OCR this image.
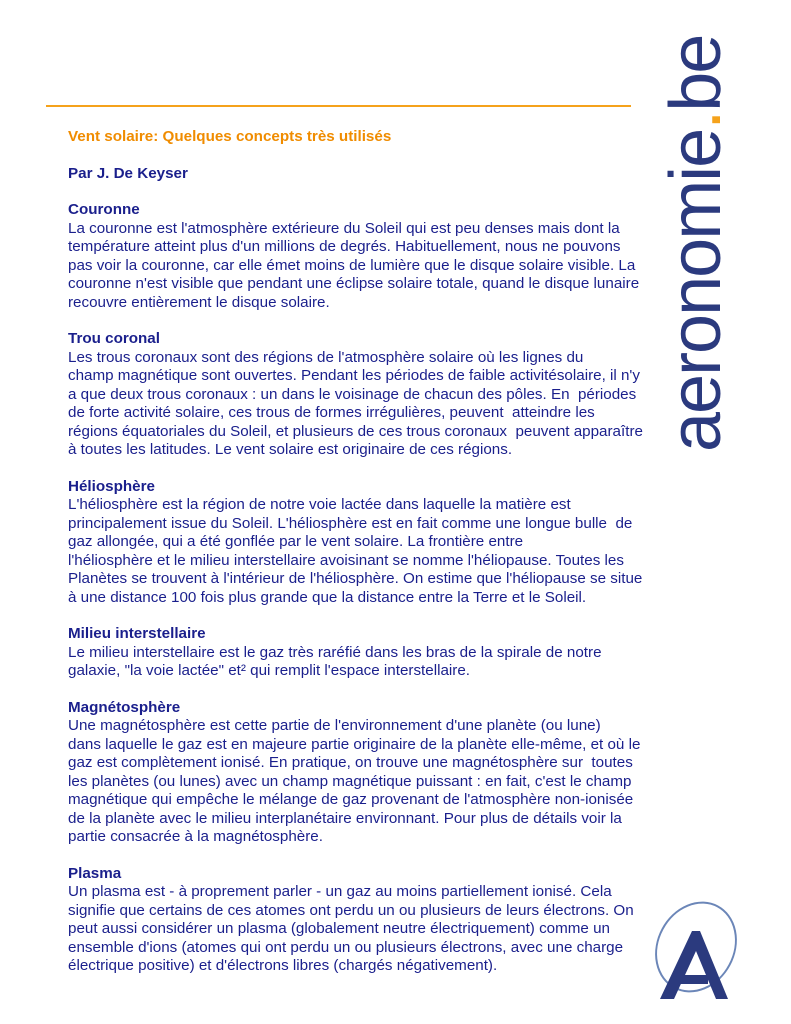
aeronomie.be
Vent solaire: Quelques concepts très utilisés
Par J. De Keyser
Couronne
La couronne est l'atmosphère extérieure du Soleil qui est peu denses mais dont la
température atteint plus d'un millions de degrés. Habituellement, nous ne pouvons
pas voir la couronne, car elle émet moins de lumière que le disque solaire visible. La
couronne n'est visible que pendant une éclipse solaire totale, quand le disque lunaire
recouvre entièrement le disque solaire.
Trou coronal
Les trous coronaux sont des régions de l'atmosphère solaire où les lignes du
champ magnétique sont ouvertes. Pendant les périodes de faible activitésolaire, il n'y
a que deux trous coronaux : un dans le voisinage de chacun des pôles. En  périodes
de forte activité solaire, ces trous de formes irrégulières, peuvent  atteindre les
régions équatoriales du Soleil, et plusieurs de ces trous coronaux  peuvent apparaître
à toutes les latitudes. Le vent solaire est originaire de ces régions.
Héliosphère
L'héliosphère est la région de notre voie lactée dans laquelle la matière est
principalement issue du Soleil. L'héliosphère est en fait comme une longue bulle  de
gaz allongée, qui a été gonflée par le vent solaire. La frontière entre
l'héliosphère et le milieu interstellaire avoisinant se nomme l'héliopause. Toutes les
Planètes se trouvent à l'intérieur de l'héliosphère. On estime que l'héliopause se situe
à une distance 100 fois plus grande que la distance entre la Terre et le Soleil.
Milieu interstellaire
Le milieu interstellaire est le gaz très raréfié dans les bras de la spirale de notre
galaxie, "la voie lactée" et² qui remplit l'espace interstellaire.
Magnétosphère
Une magnétosphère est cette partie de l'environnement d'une planète (ou lune)
dans laquelle le gaz est en majeure partie originaire de la planète elle-même, et où le
gaz est complètement ionisé. En pratique, on trouve une magnétosphère sur  toutes
les planètes (ou lunes) avec un champ magnétique puissant : en fait, c'est le champ
magnétique qui empêche le mélange de gaz provenant de l'atmosphère non-ionisée
de la planète avec le milieu interplanétaire environnant. Pour plus de détails voir la
partie consacrée à la magnétosphère.
Plasma
Un plasma est - à proprement parler - un gaz au moins partiellement ionisé. Cela
signifie que certains de ces atomes ont perdu un ou plusieurs de leurs électrons. On
peut aussi considérer un plasma (globalement neutre électriquement) comme un
ensemble d'ions (atomes qui ont perdu un ou plusieurs électrons, avec une charge
électrique positive) et d'électrons libres (chargés négativement).
